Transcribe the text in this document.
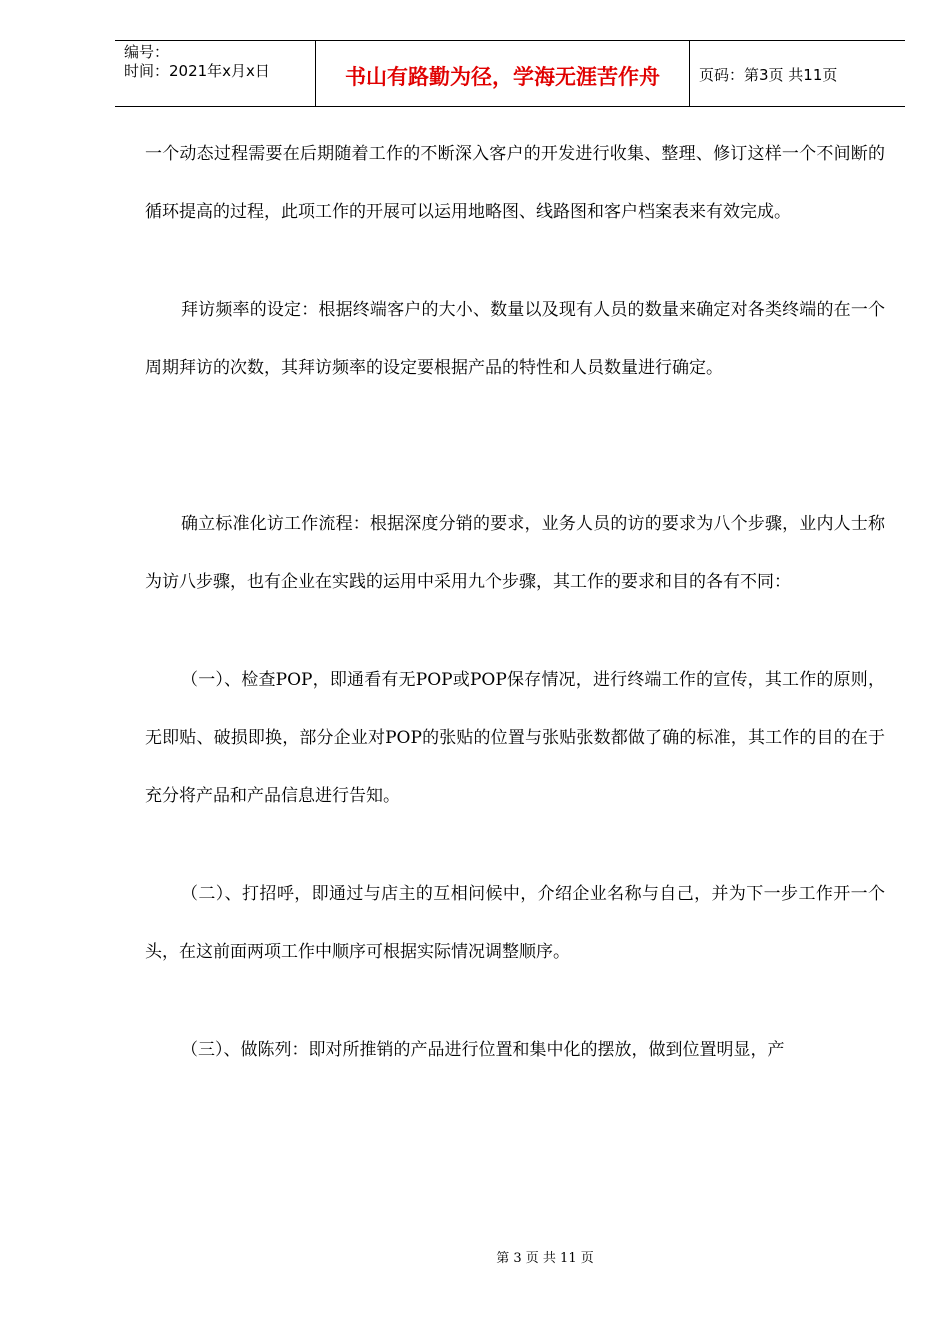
编号：
时间：2021年x月x日	书山有路勤为径，学海无涯苦作舟	页码：第3页 共11页

一个动态过程需要在后期随着工作的不断深入客户的开发进行收集、整理、修订这样一个不间断的循环提高的过程，此项工作的开展可以运用地略图、线路图和客户档案表来有效完成。

拜访频率的设定：根据终端客户的大小、数量以及现有人员的数量来确定对各类终端的在一个周期拜访的次数，其拜访频率的设定要根据产品的特性和人员数量进行确定。

确立标准化访工作流程：根据深度分销的要求，业务人员的访的要求为八个步骤，业内人士称为访八步骤，也有企业在实践的运用中采用九个步骤，其工作的要求和目的各有不同：

（一）、检查POP，即通看有无POP或POP保存情况，进行终端工作的宣传，其工作的原则，无即贴、破损即换，部分企业对POP的张贴的位置与张贴张数都做了确的标准，其工作的目的在于充分将产品和产品信息进行告知。

（二）、打招呼，即通过与店主的互相问候中，介绍企业名称与自己，并为下一步工作开一个头，在这前面两项工作中顺序可根据实际情况调整顺序。

（三）、做陈列：即对所推销的产品进行位置和集中化的摆放，做到位置明显，产

第 3 页 共 11 页
